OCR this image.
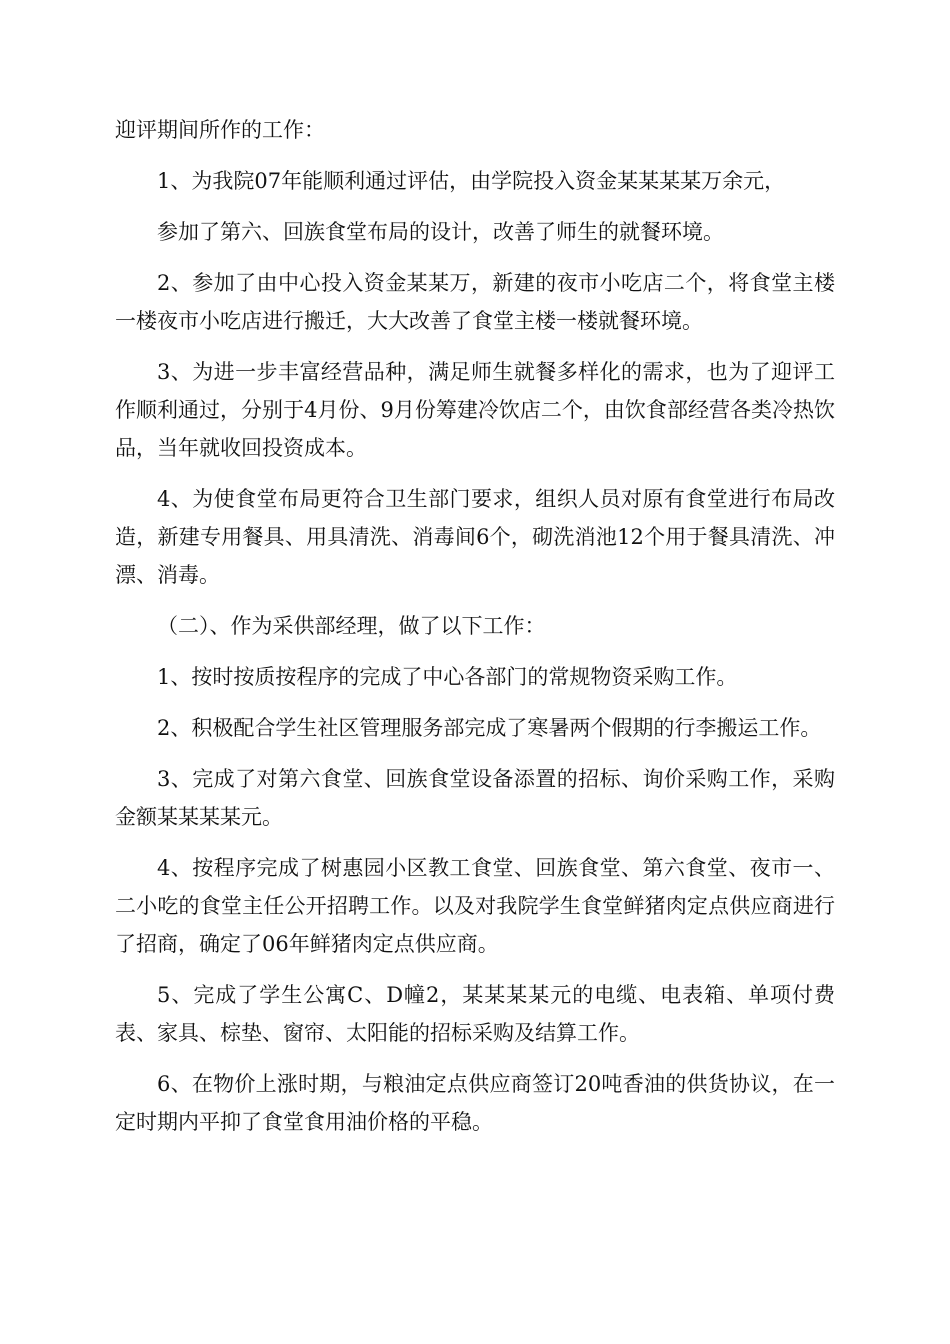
迎评期间所作的工作：

1、为我院07年能顺利通过评估，由学院投入资金某某某某万余元，

参加了第六、回族食堂布局的设计，改善了师生的就餐环境。

2、参加了由中心投入资金某某万，新建的夜市小吃店二个，将食堂主楼一楼夜市小吃店进行搬迁，大大改善了食堂主楼一楼就餐环境。

3、为进一步丰富经营品种，满足师生就餐多样化的需求，也为了迎评工作顺利通过，分别于4月份、9月份筹建冷饮店二个，由饮食部经营各类冷热饮品，当年就收回投资成本。

4、为使食堂布局更符合卫生部门要求，组织人员对原有食堂进行布局改造，新建专用餐具、用具清洗、消毒间6个，砌洗消池12个用于餐具清洗、冲漂、消毒。

（二）、作为采供部经理，做了以下工作：

1、按时按质按程序的完成了中心各部门的常规物资采购工作。

2、积极配合学生社区管理服务部完成了寒暑两个假期的行李搬运工作。

3、完成了对第六食堂、回族食堂设备添置的招标、询价采购工作，采购金额某某某某元。

4、按程序完成了树惠园小区教工食堂、回族食堂、第六食堂、夜市一、二小吃的食堂主任公开招聘工作。以及对我院学生食堂鲜猪肉定点供应商进行了招商，确定了06年鲜猪肉定点供应商。

5、完成了学生公寓C、D幢2，某某某某元的电缆、电表箱、单项付费表、家具、棕垫、窗帘、太阳能的招标采购及结算工作。

6、在物价上涨时期，与粮油定点供应商签订20吨香油的供货协议，在一定时期内平抑了食堂食用油价格的平稳。
